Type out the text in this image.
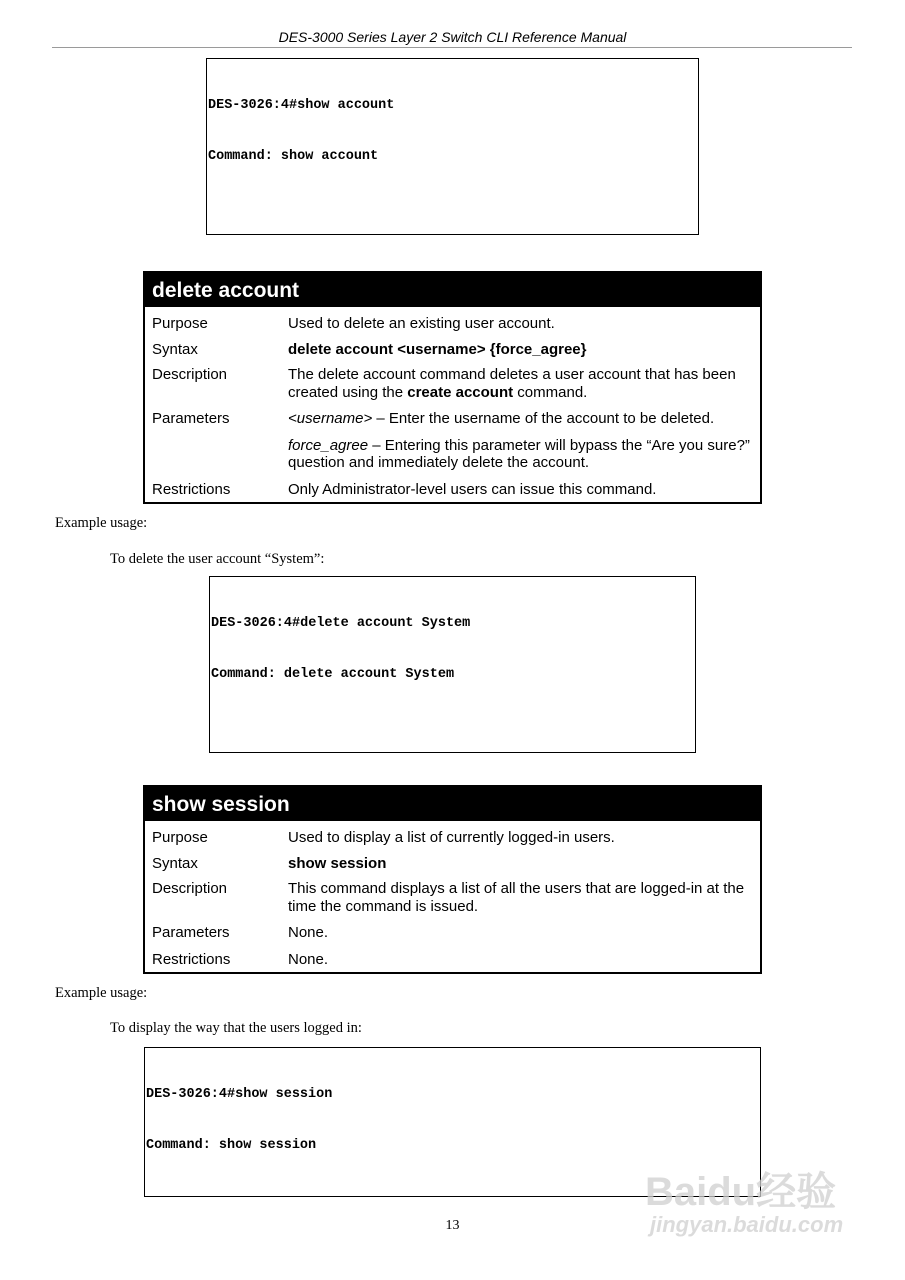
DES-3000 Series Layer 2 Switch CLI Reference Manual

DES-3026:4#show account

Command: show account

delete account
Purpose	Used to delete an existing user account.
Syntax	delete account <username> {force_agree}
Description	The delete account command deletes a user account that has been created using the create account command.
Parameters	<username> – Enter the username of the account to be deleted.
force_agree – Entering this parameter will bypass the “Are you sure?” question and immediately delete the account.
Restrictions	Only Administrator-level users can issue this command.
Example usage:
To delete the user account “System”:

DES-3026:4#delete account System

Command: delete account System

show session
Purpose	Used to display a list of currently logged-in users.
Syntax	show session
Description	This command displays a list of all the users that are logged-in at the time the command is issued.
Parameters	None.
Restrictions	None.
Example usage:
To display the way that the users logged in:

DES-3026:4#show session

Command: show session

13
Baidu经验
jingyan.baidu.com
